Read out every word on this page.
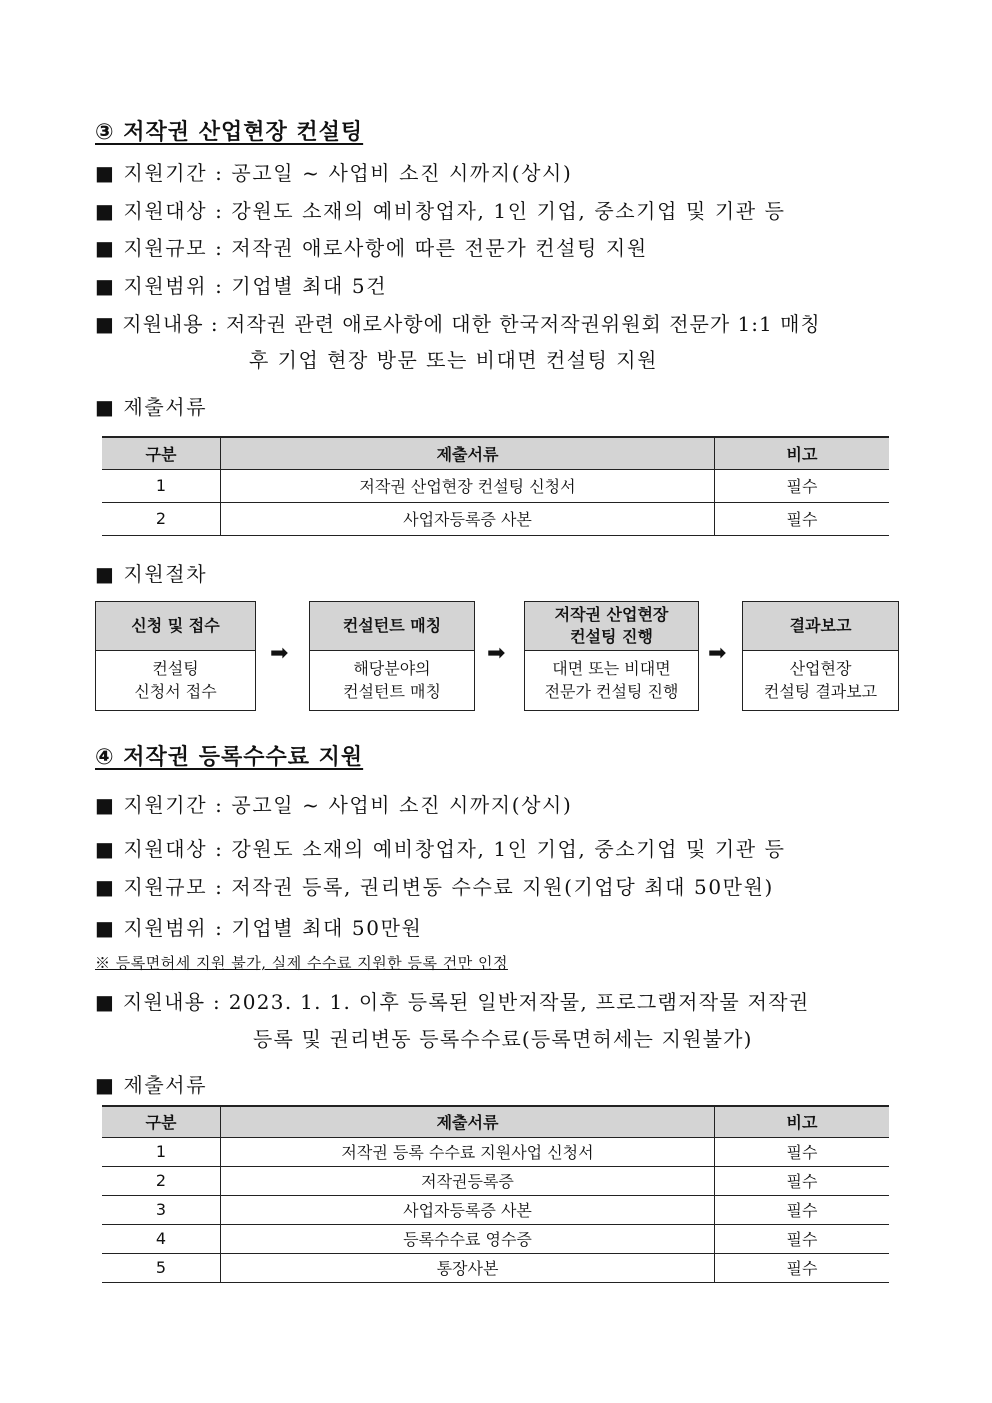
③ 저작권 산업현장 컨설팅
■ 지원기간 : 공고일 ~ 사업비 소진 시까지(상시)
■ 지원대상 : 강원도 소재의 예비창업자, 1인 기업, 중소기업 및 기관 등
■ 지원규모 : 저작권 애로사항에 따른 전문가 컨설팅 지원
■ 지원범위 : 기업별 최대 5건
■ 지원내용 : 저작권 관련 애로사항에 대한 한국저작권위원회 전문가 1:1 매칭
후 기업 현장 방문 또는 비대면 컨설팅 지원
■ 제출서류
구분	제출서류	비고
1	저작권 산업현장 컨설팅 신청서	필수
2	사업자등록증 사본	필수
■ 지원절차
신청 및 접수
컨설팅
신청서 접수
➡
컨설턴트 매칭
해당분야의
컨설턴트 매칭
➡
저작권 산업현장
컨설팅 진행
대면 또는 비대면
전문가 컨설팅 진행
➡
결과보고
산업현장
컨설팅 결과보고
④ 저작권 등록수수료 지원
■ 지원기간 : 공고일 ~ 사업비 소진 시까지(상시)
■ 지원대상 : 강원도 소재의 예비창업자, 1인 기업, 중소기업 및 기관 등
■ 지원규모 : 저작권 등록, 권리변동 수수료 지원(기업당 최대 50만원)
■ 지원범위 : 기업별 최대 50만원
※ 등록면허세 지원 불가, 실제 수수료 지원한 등록 건만 인정
■ 지원내용 : 2023. 1. 1. 이후 등록된 일반저작물, 프로그램저작물 저작권
등록 및 권리변동 등록수수료(등록면허세는 지원불가)
■ 제출서류
구분	제출서류	비고
1	저작권 등록 수수료 지원사업 신청서	필수
2	저작권등록증	필수
3	사업자등록증 사본	필수
4	등록수수료 영수증	필수
5	통장사본	필수
